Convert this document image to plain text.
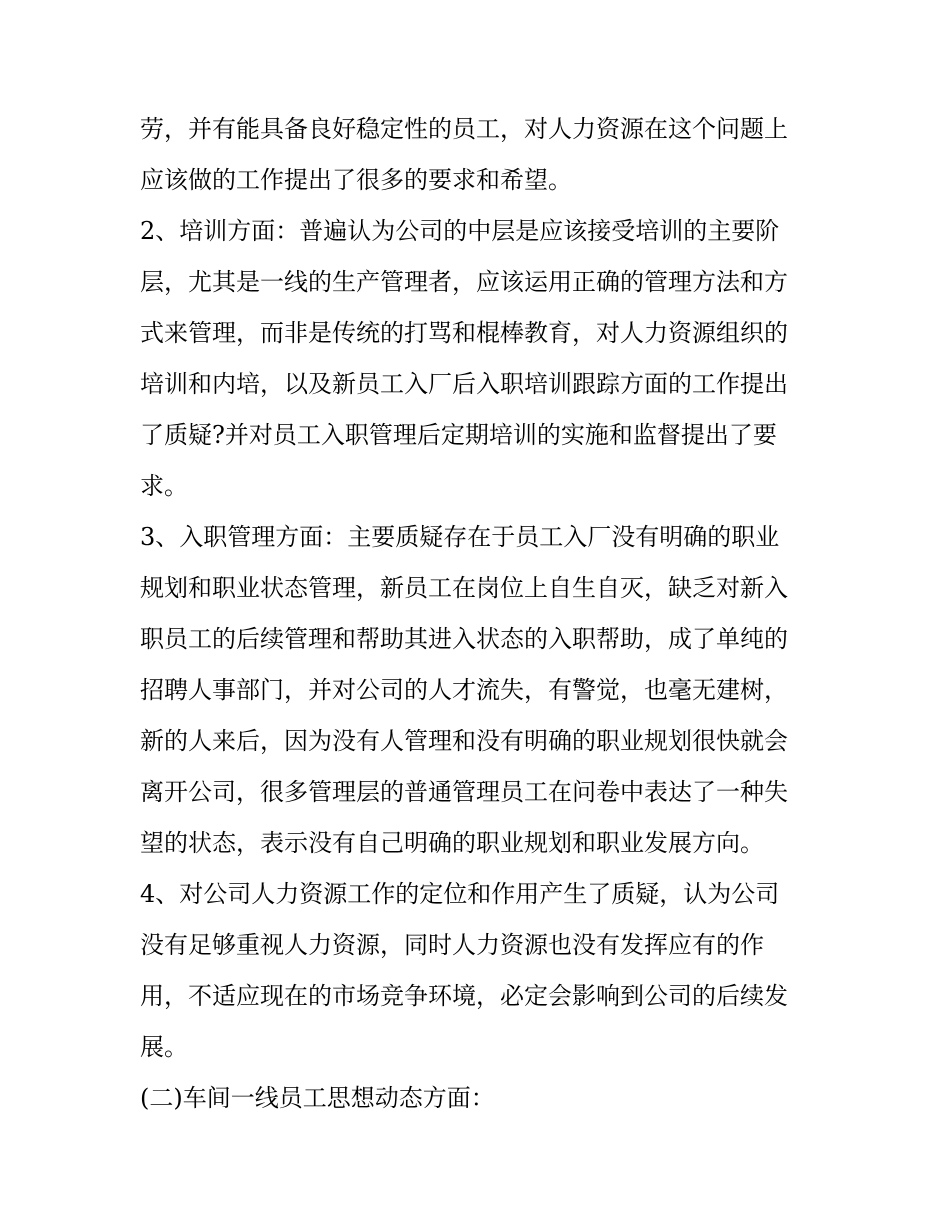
劳，并有能具备良好稳定性的员工，对人力资源在这个问题上
应该做的工作提出了很多的要求和希望。
2、培训方面：普遍认为公司的中层是应该接受培训的主要阶
层，尤其是一线的生产管理者，应该运用正确的管理方法和方
式来管理，而非是传统的打骂和棍棒教育，对人力资源组织的
培训和内培，以及新员工入厂后入职培训跟踪方面的工作提出
了质疑?并对员工入职管理后定期培训的实施和监督提出了要
求。
3、入职管理方面：主要质疑存在于员工入厂没有明确的职业
规划和职业状态管理，新员工在岗位上自生自灭，缺乏对新入
职员工的后续管理和帮助其进入状态的入职帮助，成了单纯的
招聘人事部门，并对公司的人才流失，有警觉，也毫无建树，
新的人来后，因为没有人管理和没有明确的职业规划很快就会
离开公司，很多管理层的普通管理员工在问卷中表达了一种失
望的状态，表示没有自己明确的职业规划和职业发展方向。
4、对公司人力资源工作的定位和作用产生了质疑，认为公司
没有足够重视人力资源，同时人力资源也没有发挥应有的作
用，不适应现在的市场竞争环境，必定会影响到公司的后续发
展。
(二)车间一线员工思想动态方面：
